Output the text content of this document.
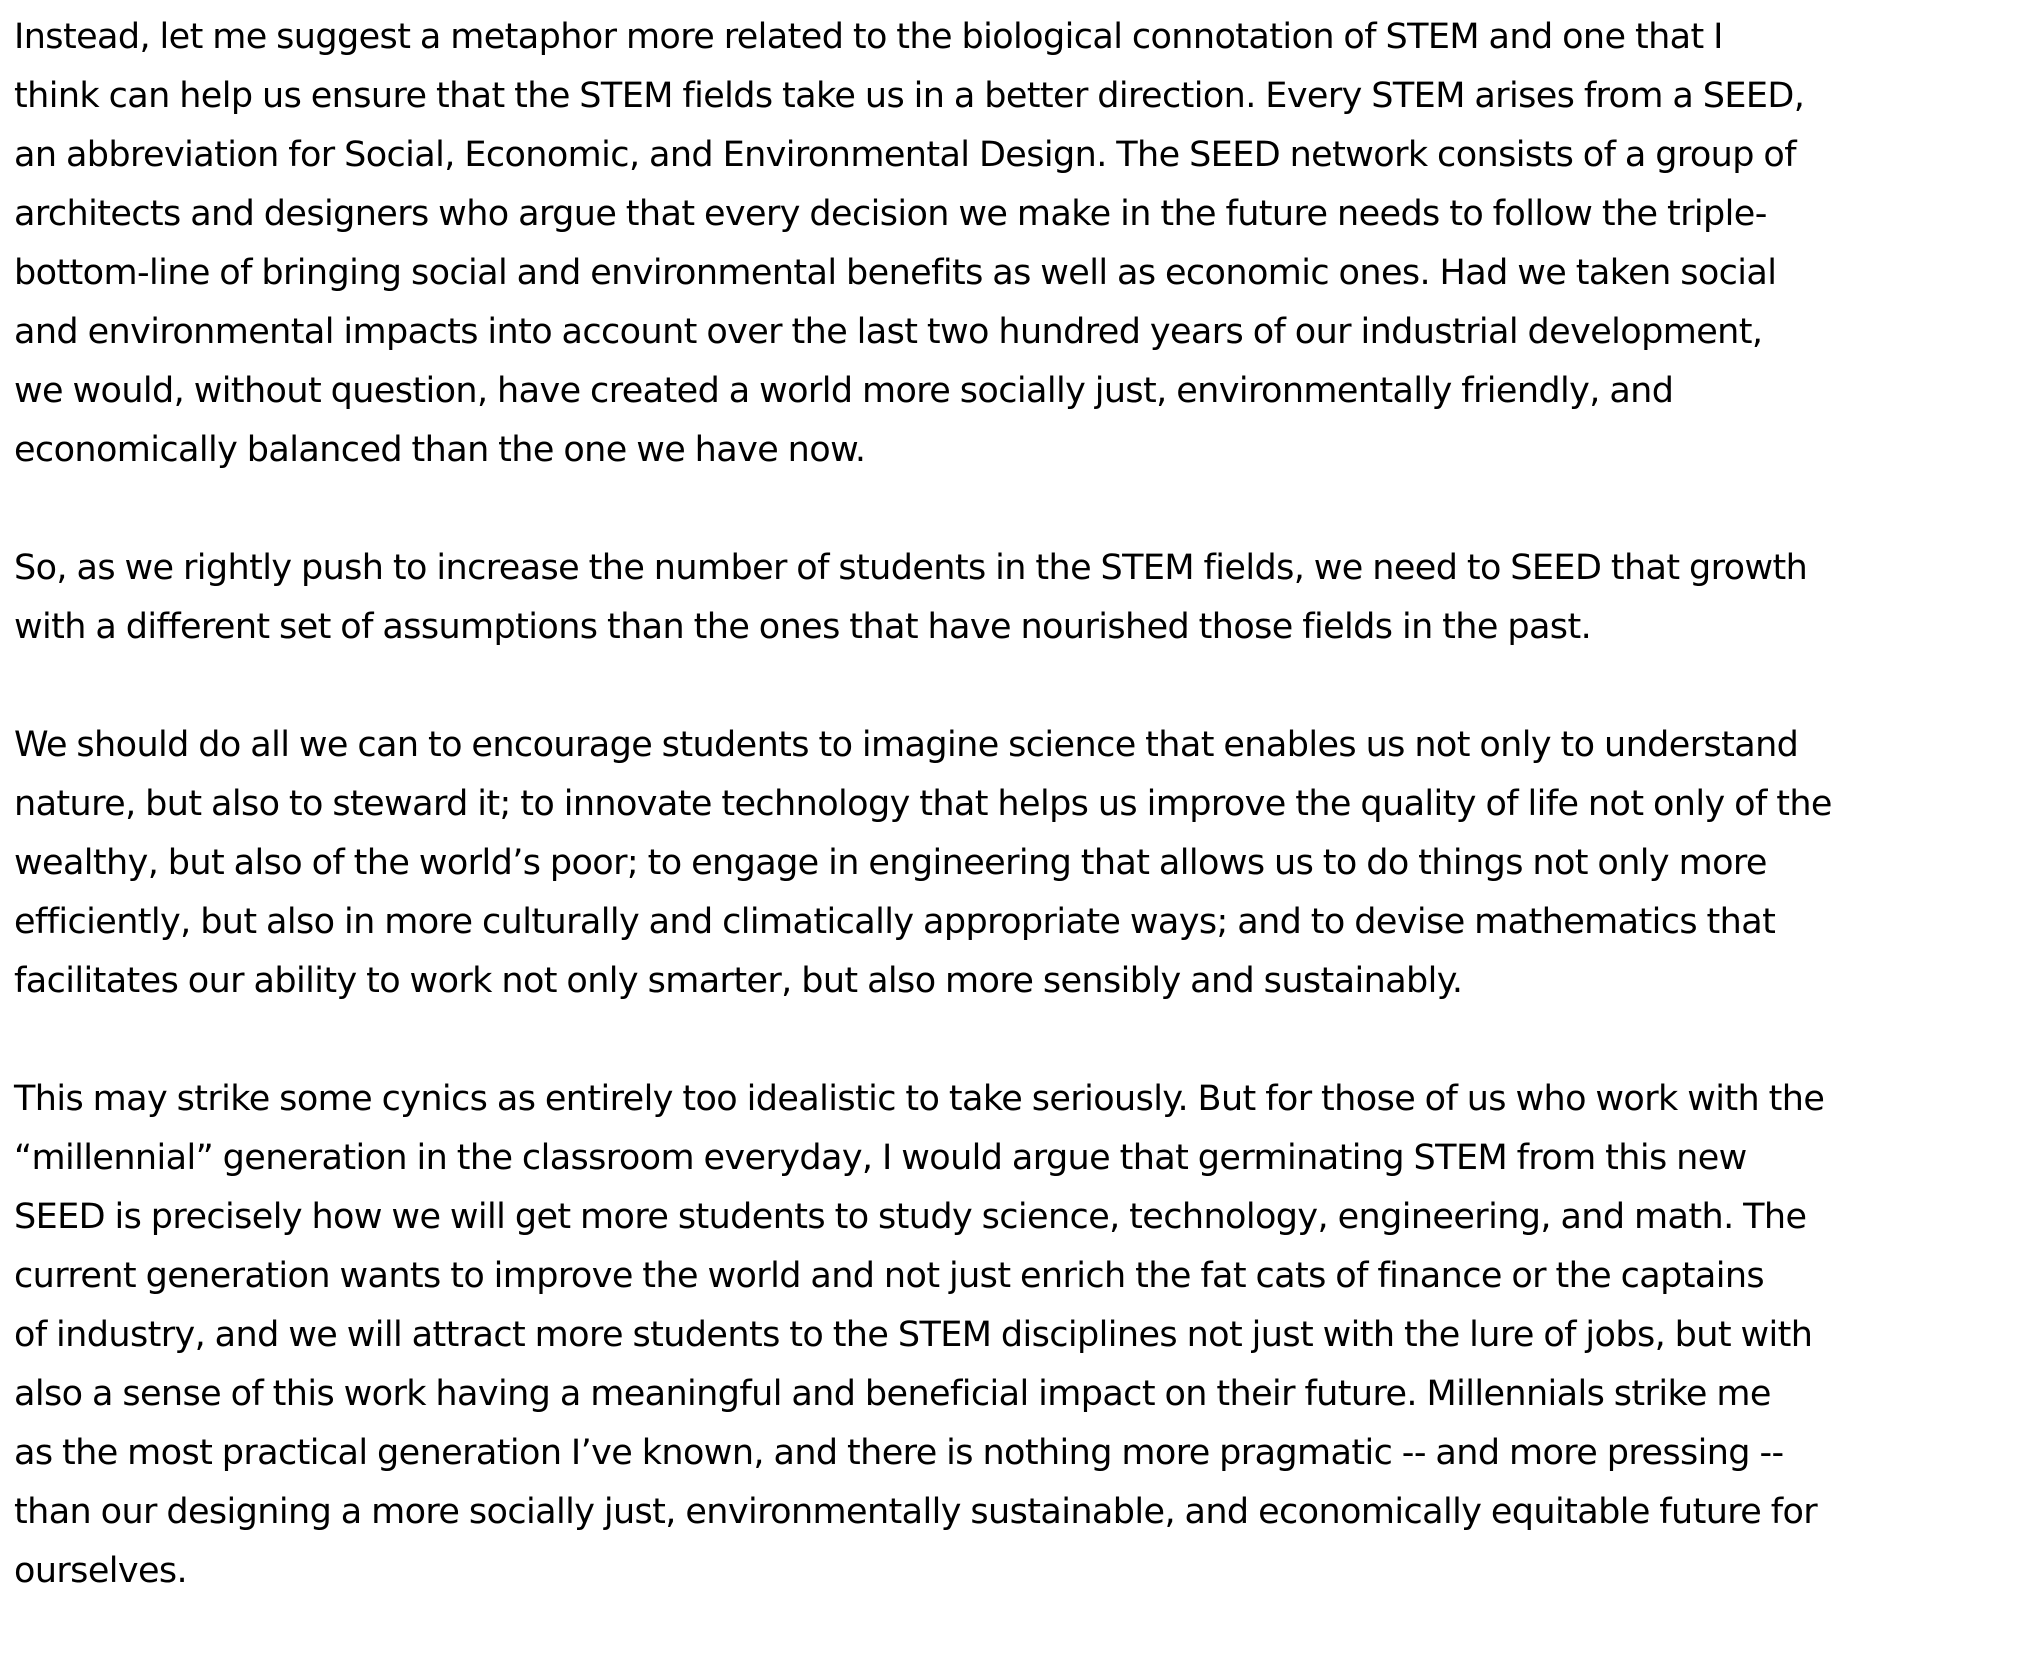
Instead, let me suggest a metaphor more related to the biological connotation of STEM and one that I
think can help us ensure that the STEM fields take us in a better direction. Every STEM arises from a SEED,
an abbreviation for Social, Economic, and Environmental Design. The SEED network consists of a group of
architects and designers who argue that every decision we make in the future needs to follow the triple-
bottom-line of bringing social and environmental benefits as well as economic ones. Had we taken social
and environmental impacts into account over the last two hundred years of our industrial development,
we would, without question, have created a world more socially just, environmentally friendly, and
economically balanced than the one we have now.
So, as we rightly push to increase the number of students in the STEM fields, we need to SEED that growth
with a different set of assumptions than the ones that have nourished those fields in the past.
We should do all we can to encourage students to imagine science that enables us not only to understand
nature, but also to steward it; to innovate technology that helps us improve the quality of life not only of the
wealthy, but also of the world’s poor; to engage in engineering that allows us to do things not only more
efficiently, but also in more culturally and climatically appropriate ways; and to devise mathematics that
facilitates our ability to work not only smarter, but also more sensibly and sustainably.
This may strike some cynics as entirely too idealistic to take seriously. But for those of us who work with the
“millennial” generation in the classroom everyday, I would argue that germinating STEM from this new
SEED is precisely how we will get more students to study science, technology, engineering, and math. The
current generation wants to improve the world and not just enrich the fat cats of finance or the captains
of industry, and we will attract more students to the STEM disciplines not just with the lure of jobs, but with
also a sense of this work having a meaningful and beneficial impact on their future. Millennials strike me
as the most practical generation I’ve known, and there is nothing more pragmatic -- and more pressing --
than our designing a more socially just, environmentally sustainable, and economically equitable future for
ourselves.
